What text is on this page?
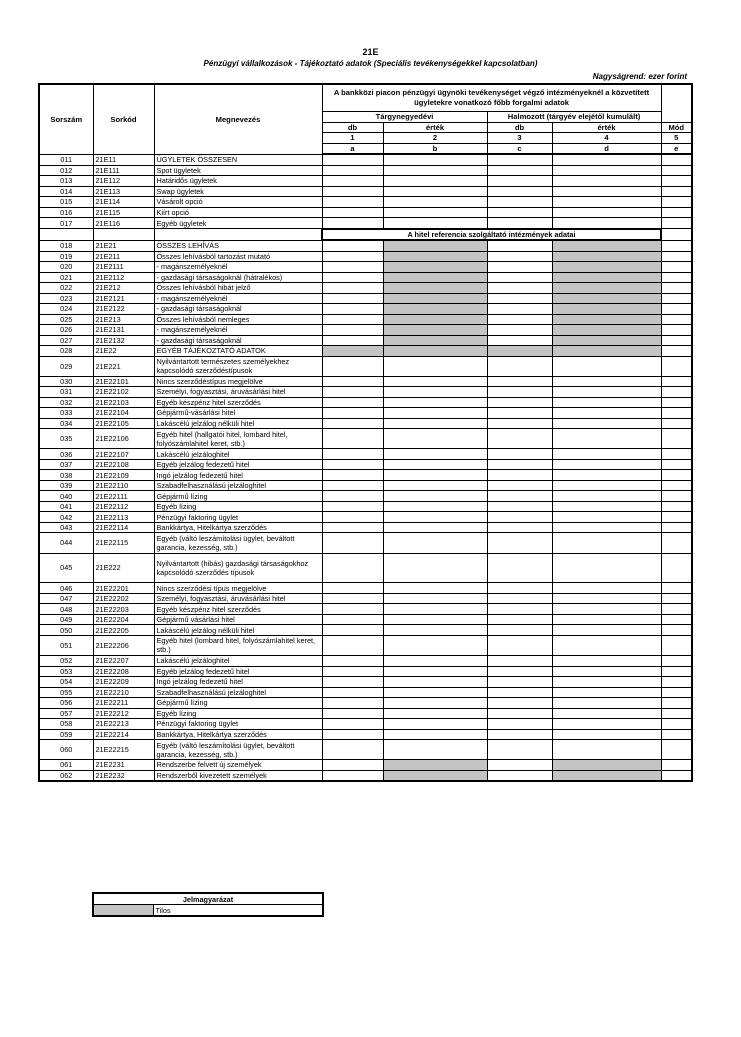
21E
Pénzügyi vállalkozások - Tájékoztató adatok (Speciális tevékenységekkel kapcsolatban)
Nagyságrend: ezer forint
Sorszám	Sorkód	Megnevezés	A bankközi piacon pénzügyi ügynöki tevékenységet végző intézményeknél a közvetített ügyletekre vonatkozó főbb forgalmi adatok				
			Tárgynegyedévi		Halmozott (tárgyév elejétől kumulált)		
			db	érték	db	érték	Mód
			1	2	3	4	5
			a	b	c	d	e
011	21E11	ÜGYLETEK ÖSSZESEN					
012	21E111	Spot ügyletek					
013	21E112	Határidős ügyletek					
014	21E113	Swap ügyletek					
015	21E114	Vásárolt opció					
016	21E115	Kiírt opció					
017	21E116	Egyéb ügyletek					
			A hitel referencia szolgáltató intézmények adatai				
018	21E21	ÖSSZES LEHÍVÁS					
019	21E211	Összes lehívásból tartozást mutató					
020	21E2111	- magánszemélyeknél					
021	21E2112	- gazdasági társaságoknál (hátralékos)					
022	21E212	Összes lehívásból hibát jelző					
023	21E2121	- magánszemélyeknél					
024	21E2122	- gazdasági társaságoknál					
025	21E213	Összes lehívásból nemleges					
026	21E2131	- magánszemélyeknél					
027	21E2132	- gazdasági társaságoknál					
028	21E22	EGYÉB TÁJÉKOZTATÓ ADATOK					
029	21E221	Nyilvántartott természetes személyekhez kapcsolódó szerződéstípusok					
030	21E22101	Nincs szerződéstípus megjelölve					
031	21E22102	Személyi, fogyasztási, áruvásárlási hitel					
032	21E22103	Egyéb készpénz hitel szerződés					
033	21E22104	Gépjármű-vásárlási hitel					
034	21E22105	Lakáscélú jelzálog nélküli hitel					
035	21E22106	Egyéb hitel (hallgatói hitel, lombard hitel, folyószámlahitel keret, stb.)					
036	21E22107	Lakáscélú jelzáloghitel					
037	21E22108	Egyéb jelzálog fedezetű hitel					
038	21E22109	Ingó jelzálog fedezetű hitel					
039	21E22110	Szabadfelhasználású jelzáloghitel					
040	21E22111	Gépjármű lízing					
041	21E22112	Egyéb lízing					
042	21E22113	Pénzügyi faktoring ügylet					
043	21E22114	Bankkártya, Hitelkártya szerződés					
044	21E22115	Egyéb (váltó leszámítolási ügylet, beváltott garancia, kezesség, stb.)					
045	21E222	Nyilvántartott (hibás) gazdasági társaságokhoz kapcsolódó szerződés típusok					
046	21E22201	Nincs szerződési típus megjelölve					
047	21E22202	Személyi, fogyasztási, áruvásárlási hitel					
048	21E22203	Egyéb készpénz hitel szerződés					
049	21E22204	Gépjármű vásárlási hitel					
050	21E22205	Lakáscélú jelzálog nélküli hitel					
051	21E22206	Egyéb hitel (lombard hitel, folyószámlahitel keret, stb.)					
052	21E22207	Lakáscélú jelzáloghitel					
053	21E22208	Egyéb jelzálog fedezetű hitel					
054	21E22209	Ingó jelzálog fedezetű hitel					
055	21E22210	Szabadfelhasználású jelzáloghitel					
056	21E22211	Gépjármű lízing					
057	21E22212	Egyéb lízing					
058	21E22213	Pénzügyi faktoring ügylet					
059	21E22214	Bankkártya, Hitelkártya szerződés					
060	21E22215	Egyéb (váltó leszámítolási ügylet, beváltott garancia, kezesség, stb.)					
061	21E2231	Rendszerbe felvett új személyek					
062	21E2232	Rendszerből kivezetett személyek					
Jelmagyarázat
	Tilos
